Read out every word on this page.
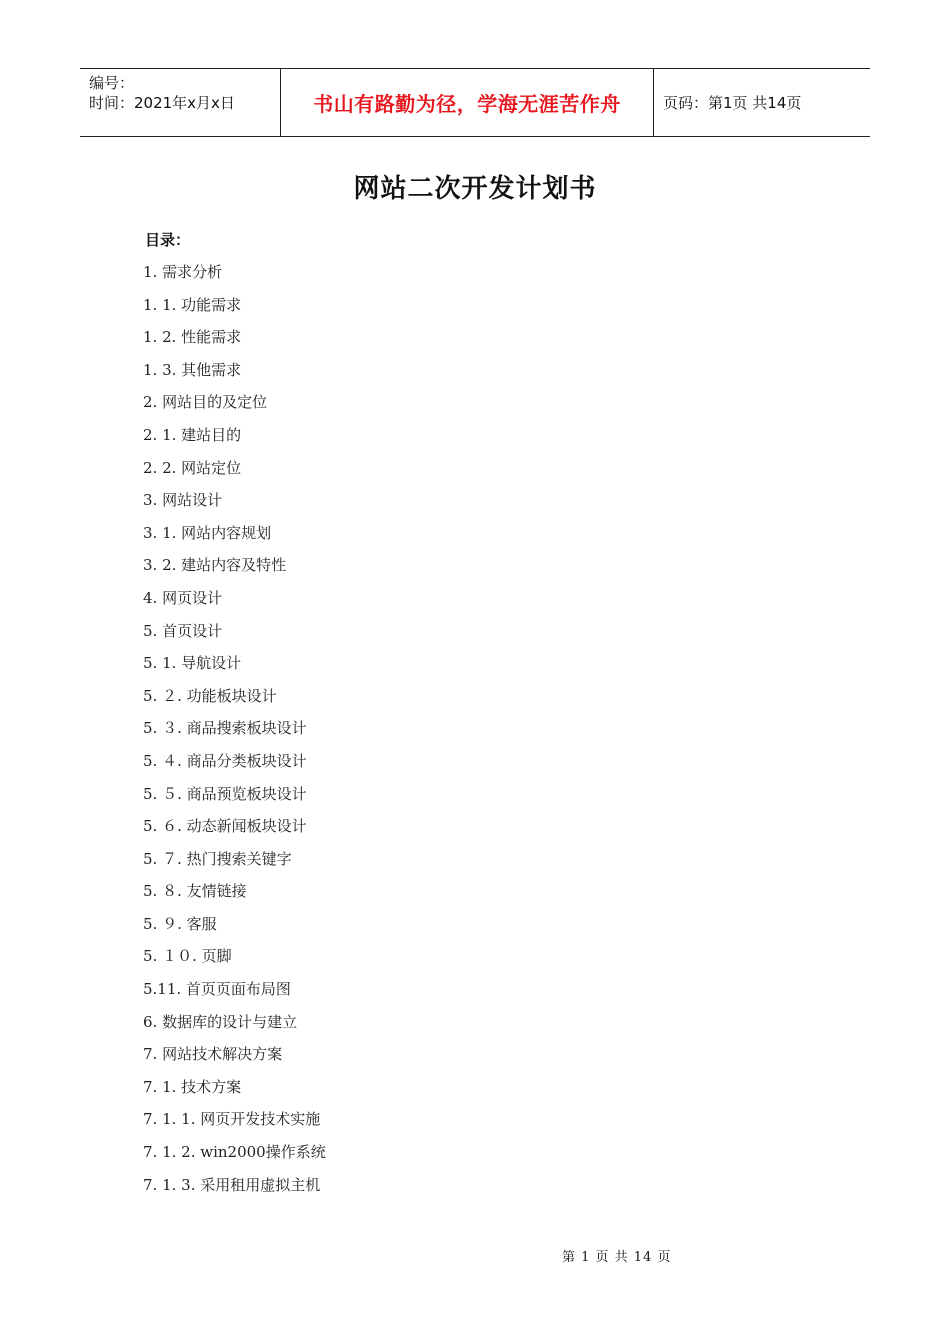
编号：
时间：2021年x月x日	书山有路勤为径，学海无涯苦作舟	页码：第1页 共14页
网站二次开发计划书
目录：
1. 需求分析
1. 1. 功能需求
1. 2. 性能需求
1. 3. 其他需求
2. 网站目的及定位
2. 1. 建站目的
2. 2. 网站定位
3. 网站设计
3. 1. 网站内容规划
3. 2. 建站内容及特性
4. 网页设计
5. 首页设计
5. 1. 导航设计
5. ２. 功能板块设计
5. ３. 商品搜索板块设计
5. ４. 商品分类板块设计
5. ５. 商品预览板块设计
5. ６. 动态新闻板块设计
5. ７. 热门搜索关键字
5. ８. 友情链接
5. ９. 客服
5. １０. 页脚
5.11. 首页页面布局图
6. 数据库的设计与建立
7. 网站技术解决方案
7. 1. 技术方案
7. 1. 1. 网页开发技术实施
7. 1. 2. win2000操作系统
7. 1. 3. 采用租用虚拟主机
第 1 页 共 14 页
